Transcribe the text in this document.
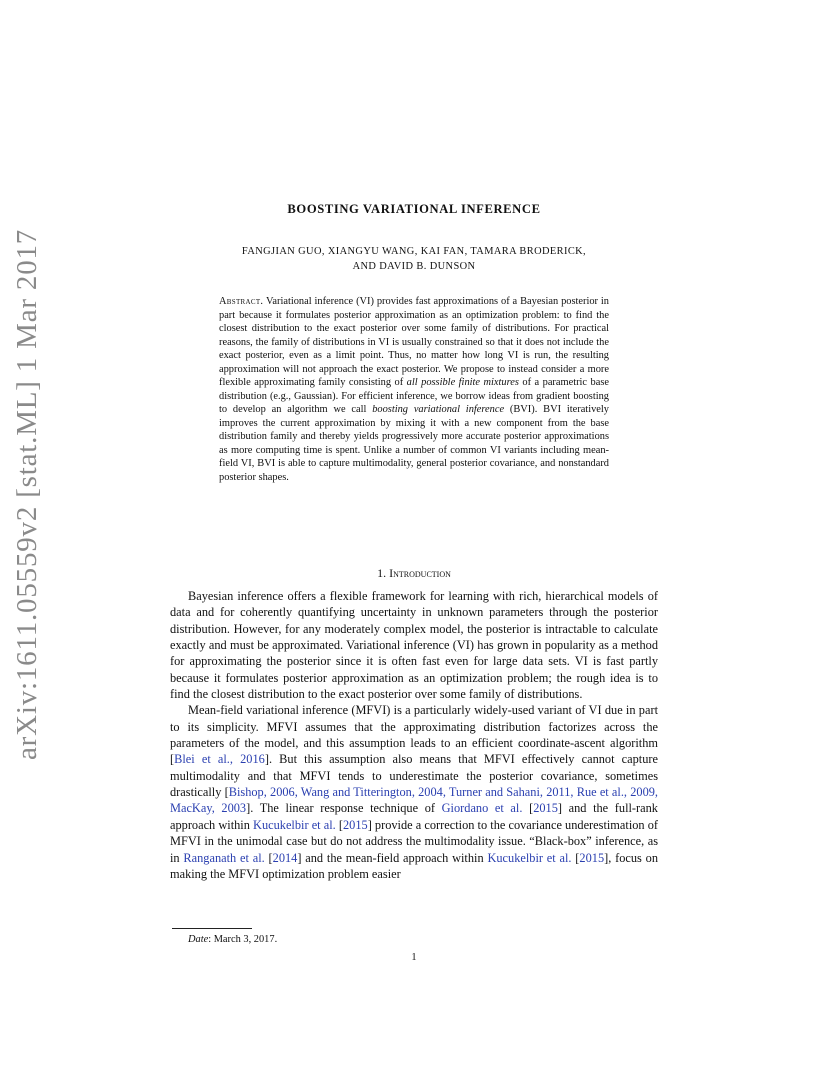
arXiv:1611.05559v2 [stat.ML] 1 Mar 2017
BOOSTING VARIATIONAL INFERENCE
FANGJIAN GUO, XIANGYU WANG, KAI FAN, TAMARA BRODERICK,
AND DAVID B. DUNSON
Abstract. Variational inference (VI) provides fast approximations of a Bayesian posterior in part because it formulates posterior approximation as an optimization problem: to find the closest distribution to the exact posterior over some family of distributions. For practical reasons, the family of distributions in VI is usually constrained so that it does not include the exact posterior, even as a limit point. Thus, no matter how long VI is run, the resulting approximation will not approach the exact posterior. We propose to instead consider a more flexible approximating family consisting of all possible finite mixtures of a parametric base distribution (e.g., Gaussian). For efficient inference, we borrow ideas from gradient boosting to develop an algorithm we call boosting variational inference (BVI). BVI iteratively improves the current approximation by mixing it with a new component from the base distribution family and thereby yields progressively more accurate posterior approximations as more computing time is spent. Unlike a number of common VI variants including mean-field VI, BVI is able to capture multimodality, general posterior covariance, and nonstandard posterior shapes.
1. Introduction

Bayesian inference offers a flexible framework for learning with rich, hierarchical models of data and for coherently quantifying uncertainty in unknown parameters through the posterior distribution. However, for any moderately complex model, the posterior is intractable to calculate exactly and must be approximated. Variational inference (VI) has grown in popularity as a method for approximating the posterior since it is often fast even for large data sets. VI is fast partly because it formulates posterior approximation as an optimization problem; the rough idea is to find the closest distribution to the exact posterior over some family of distributions.

Mean-field variational inference (MFVI) is a particularly widely-used variant of VI due in part to its simplicity. MFVI assumes that the approximating distribution factorizes across the parameters of the model, and this assumption leads to an efficient coordinate-ascent algorithm [Blei et al., 2016]. But this assumption also means that MFVI effectively cannot capture multimodality and that MFVI tends to underestimate the posterior covariance, sometimes drastically [Bishop, 2006, Wang and Titterington, 2004, Turner and Sahani, 2011, Rue et al., 2009, MacKay, 2003]. The linear response technique of Giordano et al. [2015] and the full-rank approach within Kucukelbir et al. [2015] provide a correction to the covariance underestimation of MFVI in the unimodal case but do not address the multimodality issue. “Black-box” inference, as in Ranganath et al. [2014] and the mean-field approach within Kucukelbir et al. [2015], focus on making the MFVI optimization problem easier

Date: March 3, 2017.
1
